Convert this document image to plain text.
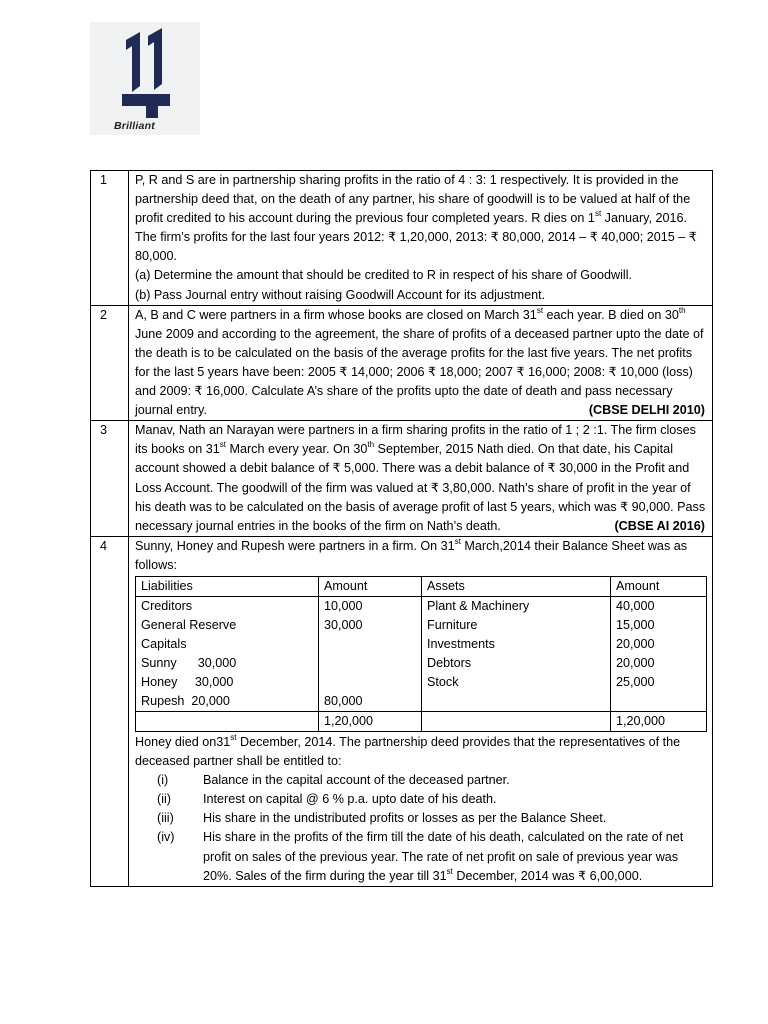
Brilliant
1	P, R and S are in partnership sharing profits in the ratio of 4 : 3: 1 respectively. It is provided in the partnership deed that, on the death of any partner, his share of goodwill is to be valued at half of the profit credited to his account during the previous four completed years. R dies on 1st January, 2016. The firm’s profits for the last four years 2012: ₹ 1,20,000, 2013: ₹ 80,000, 2014 – ₹ 40,000; 2015 – ₹ 80,000.

(a) Determine the amount that should be credited to R in respect of his share of Goodwill.

(b) Pass Journal entry without raising Goodwill Account for its adjustment.

2	A, B and C were partners in a firm whose books are closed on March 31st each year. B died on 30th June 2009 and according to the agreement, the share of profits of a deceased partner upto the date of the death is to be calculated on the basis of the average profits for the last five years. The net profits for the last 5 years have been: 2005 ₹ 14,000; 2006 ₹ 18,000; 2007 ₹ 16,000; 2008: ₹ 10,000 (loss) and 2009: ₹ 16,000. Calculate A’s share of the profits upto the date of death and pass necessary journal entry.	(CBSE DELHI 2010)

3	Manav, Nath an Narayan were partners in a firm sharing profits in the ratio of 1 ; 2 :1. The firm closes its books on 31st March every year. On 30th September, 2015 Nath died. On that date, his Capital account showed a debit balance of ₹ 5,000. There was a debit balance of ₹ 30,000 in the Profit and Loss Account. The goodwill of the firm was valued at ₹ 3,80,000. Nath’s share of profit in the year of his death was to be calculated on the basis of average profit of last 5 years, which was ₹ 90,000. Pass necessary journal entries in the books of the firm on Nath’s death.	(CBSE AI 2016)

4	Sunny, Honey and Rupesh were partners in a firm. On 31st March,2014 their Balance Sheet was as follows:

Liabilities	Amount	Assets	Amount
Creditors	10,000	Plant & Machinery	40,000
General Reserve	30,000	Furniture	15,000
Capitals		Investments	20,000
Sunny      30,000		Debtors	20,000
Honey     30,000		Stock	25,000
Rupesh  20,000	80,000		
	1,20,000		1,20,000

Honey died on31st December, 2014. The partnership deed provides that the representatives of the deceased partner shall be entitled to:

(i)	Balance in the capital account of the deceased partner.
(ii)	Interest on capital @ 6 % p.a. upto date of his death.
(iii) His share in the undistributed profits or losses as per the Balance Sheet.
(iv) His share in the profits of the firm till the date of his death, calculated on the rate of net profit on sales of the previous year. The rate of net profit on sale of previous year was 20%. Sales of the firm during the year till 31st December, 2014 was ₹ 6,00,000.
